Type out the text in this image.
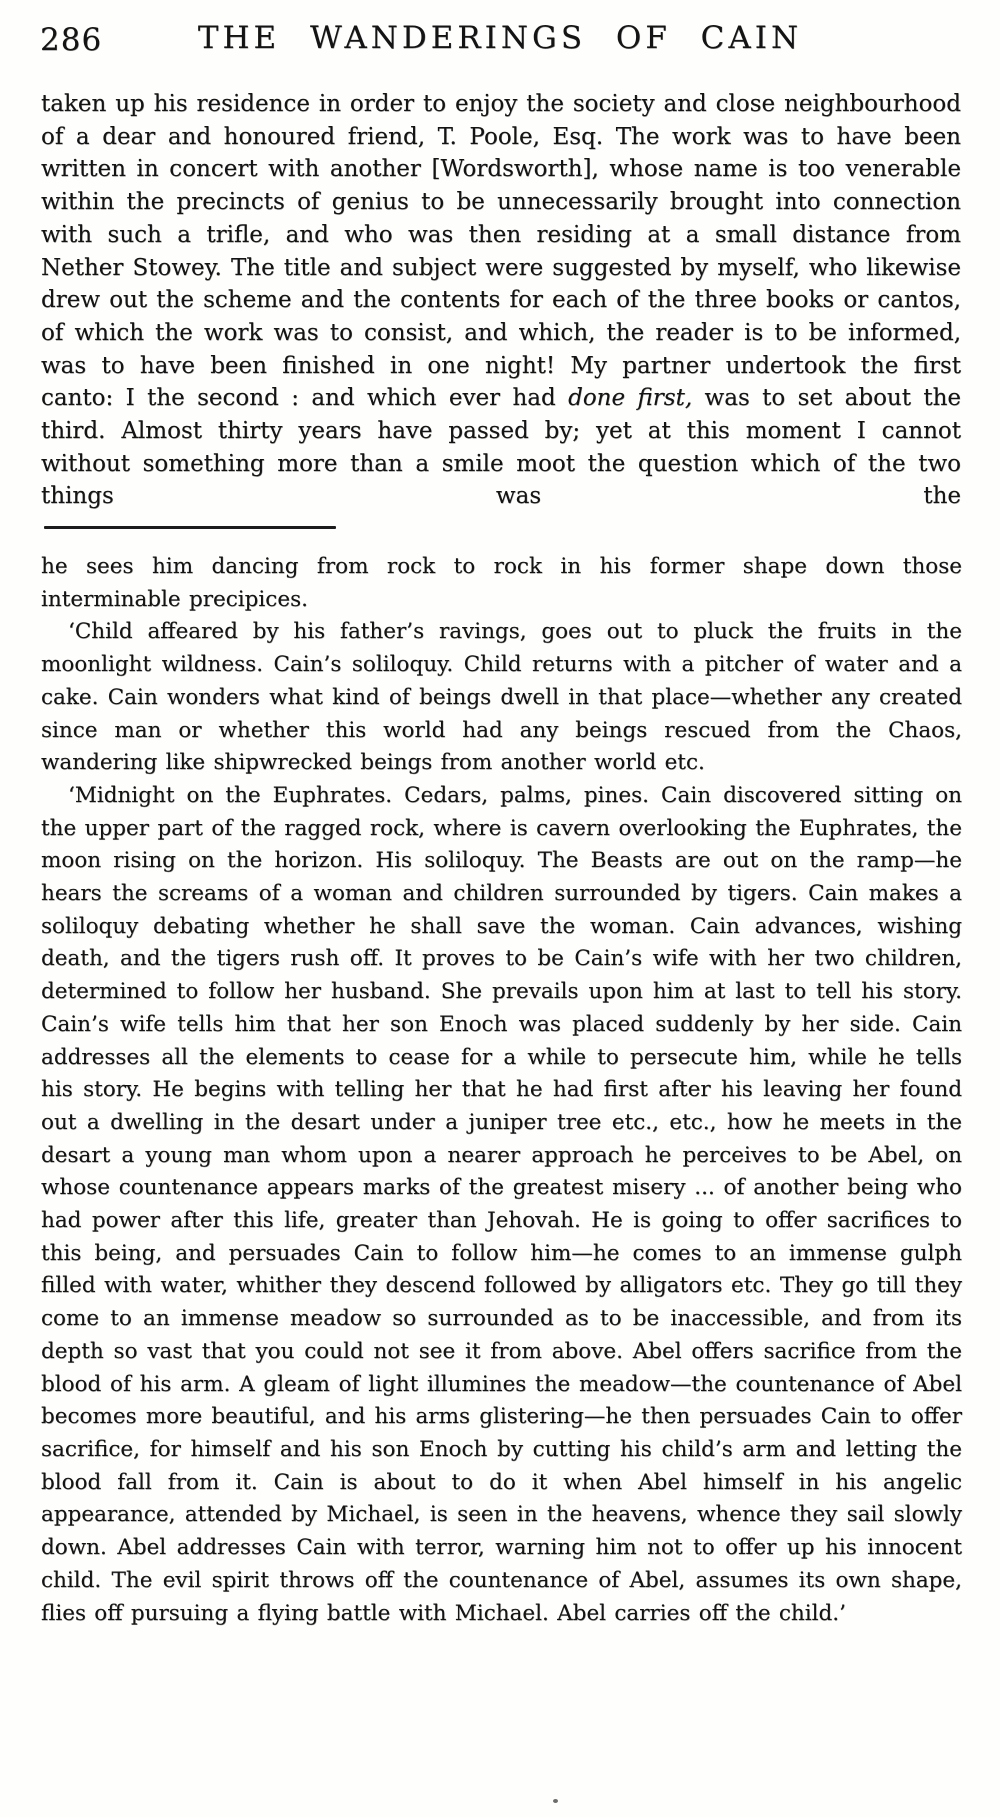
286	THE WANDERINGS OF CAIN

taken up his residence in order to enjoy the society and close neighbourhood of a dear and honoured friend, T. Poole, Esq. The work was to have been written in concert with another [Wordsworth], whose name is too venerable within the precincts of genius to be unnecessarily brought into connection with such a trifle, and who was then residing at a small distance from Nether Stowey. The title and subject were suggested by myself, who likewise drew out the scheme and the contents for each of the three books or cantos, of which the work was to consist, and which, the reader is to be informed, was to have been finished in one night! My partner undertook the first canto: I the second : and which ever had done first, was to set about the third. Almost thirty years have passed by; yet at this moment I cannot without something more than a smile moot the question which of the two things was the

he sees him dancing from rock to rock in his former shape down those interminable precipices.

‘Child affeared by his father’s ravings, goes out to pluck the fruits in the moonlight wildness. Cain’s soliloquy. Child returns with a pitcher of water and a cake. Cain wonders what kind of beings dwell in that place—whether any created since man or whether this world had any beings rescued from the Chaos, wandering like shipwrecked beings from another world etc.

‘Midnight on the Euphrates. Cedars, palms, pines. Cain discovered sitting on the upper part of the ragged rock, where is cavern overlooking the Euphrates, the moon rising on the horizon. His soliloquy. The Beasts are out on the ramp—he hears the screams of a woman and children surrounded by tigers. Cain makes a soliloquy debating whether he shall save the woman. Cain advances, wishing death, and the tigers rush off. It proves to be Cain’s wife with her two children, determined to follow her husband. She prevails upon him at last to tell his story. Cain’s wife tells him that her son Enoch was placed suddenly by her side. Cain addresses all the elements to cease for a while to persecute him, while he tells his story. He begins with telling her that he had first after his leaving her found out a dwelling in the desart under a juniper tree etc., etc., how he meets in the desart a young man whom upon a nearer approach he perceives to be Abel, on whose countenance appears marks of the greatest misery ... of another being who had power after this life, greater than Jehovah. He is going to offer sacrifices to this being, and persuades Cain to follow him—he comes to an immense gulph filled with water, whither they descend followed by alligators etc. They go till they come to an immense meadow so surrounded as to be inaccessible, and from its depth so vast that you could not see it from above. Abel offers sacrifice from the blood of his arm. A gleam of light illumines the meadow—the countenance of Abel becomes more beautiful, and his arms glistering—he then persuades Cain to offer sacrifice, for himself and his son Enoch by cutting his child’s arm and letting the blood fall from it. Cain is about to do it when Abel himself in his angelic appearance, attended by Michael, is seen in the heavens, whence they sail slowly down. Abel addresses Cain with terror, warning him not to offer up his innocent child. The evil spirit throws off the countenance of Abel, assumes its own shape, flies off pursuing a flying battle with Michael. Abel carries off the child.’
